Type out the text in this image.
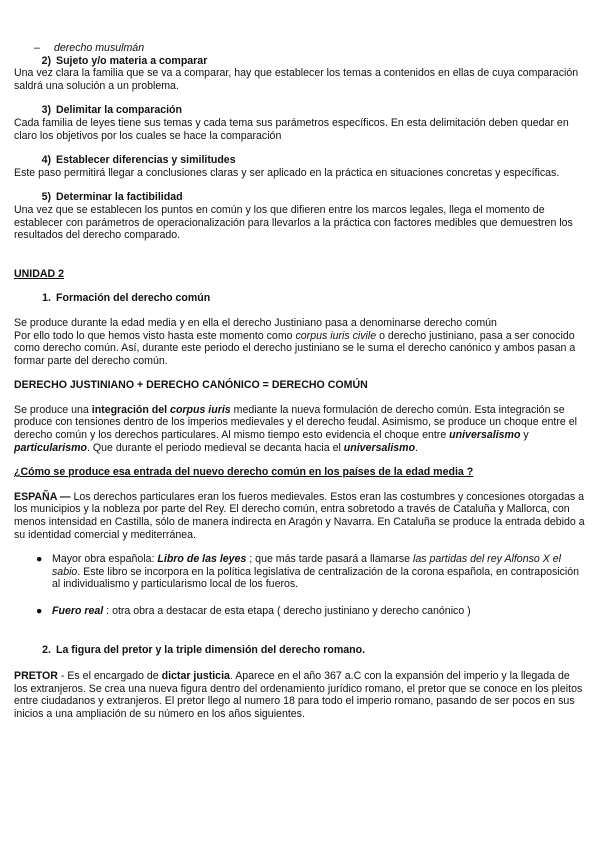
– derecho musulmán

2) Sujeto y/o materia a comparar

Una vez clara la familia que se va a comparar, hay que establecer los temas a contenidos en ellas de cuya comparación saldrá una solución a un problema.

3) Delimitar la comparación

Cada familia de leyes tiene sus temas y cada tema sus parámetros específicos. En esta delimitación deben quedar en claro los objetivos por los cuales se hace la comparación

4) Establecer diferencias y similitudes

Este paso permitirá llegar a conclusiones claras y ser aplicado en la práctica en situaciones concretas y específicas.

5) Determinar la factibilidad

Una vez que se establecen los puntos en común y los que difieren entre los marcos legales, llega el momento de establecer con parámetros de operacionalización para llevarlos a la práctica con factores medibles que demuestren los resultados del derecho comparado.

UNIDAD 2

1. Formación del derecho común

Se produce durante la edad media y en ella el derecho Justiniano pasa a denominarse derecho común

Por ello todo lo que hemos visto hasta este momento como corpus iuris civile o derecho justiniano, pasa a ser conocido como derecho común. Así, durante este periodo el derecho justiniano se le suma el derecho canónico y ambos pasan a formar parte del derecho común.

DERECHO JUSTINIANO + DERECHO CANÓNICO = DERECHO COMÚN

Se produce una integración del corpus iuris mediante la nueva formulación de derecho común. Esta integración se produce con tensiones dentro de los imperios medievales y el derecho feudal. Asimismo, se produce un choque entre el derecho común y los derechos particulares. Al mismo tiempo esto evidencia el choque entre universalismo y particularismo. Que durante el periodo medieval se decanta hacia el universalismo.

¿Cómo se produce esa entrada del nuevo derecho común en los países de la edad media ?

ESPAÑA — Los derechos particulares eran los fueros medievales. Estos eran las costumbres y concesiones otorgadas a los municipios y la nobleza por parte del Rey. El derecho común, entra sobretodo a través de Cataluña y Mallorca, con menos intensidad en Castilla, sólo de manera indirecta en Aragón y Navarra. En Cataluña se produce la entrada debido a su identidad comercial y mediterránea.

● Mayor obra española: Libro de las leyes ; que más tarde pasará a llamarse las partidas del rey Alfonso X el sabio. Este libro se incorpora en la política legislativa de centralización de la corona española, en contraposición al individualismo y particularismo local de los fueros.

● Fuero real : otra obra a destacar de esta etapa ( derecho justiniano y derecho canónico )

2. La figura del pretor y la triple dimensión del derecho romano.

PRETOR - Es el encargado de dictar justicia. Aparece en el año 367 a.C con la expansión del imperio y la llegada de los extranjeros. Se crea una nueva figura dentro del ordenamiento jurídico romano, el pretor que se conoce en los pleitos entre ciudadanos y extranjeros. El pretor llego al numero 18 para todo el imperio romano, pasando de ser pocos en sus inicios a una ampliación de su número en los años siguientes.
